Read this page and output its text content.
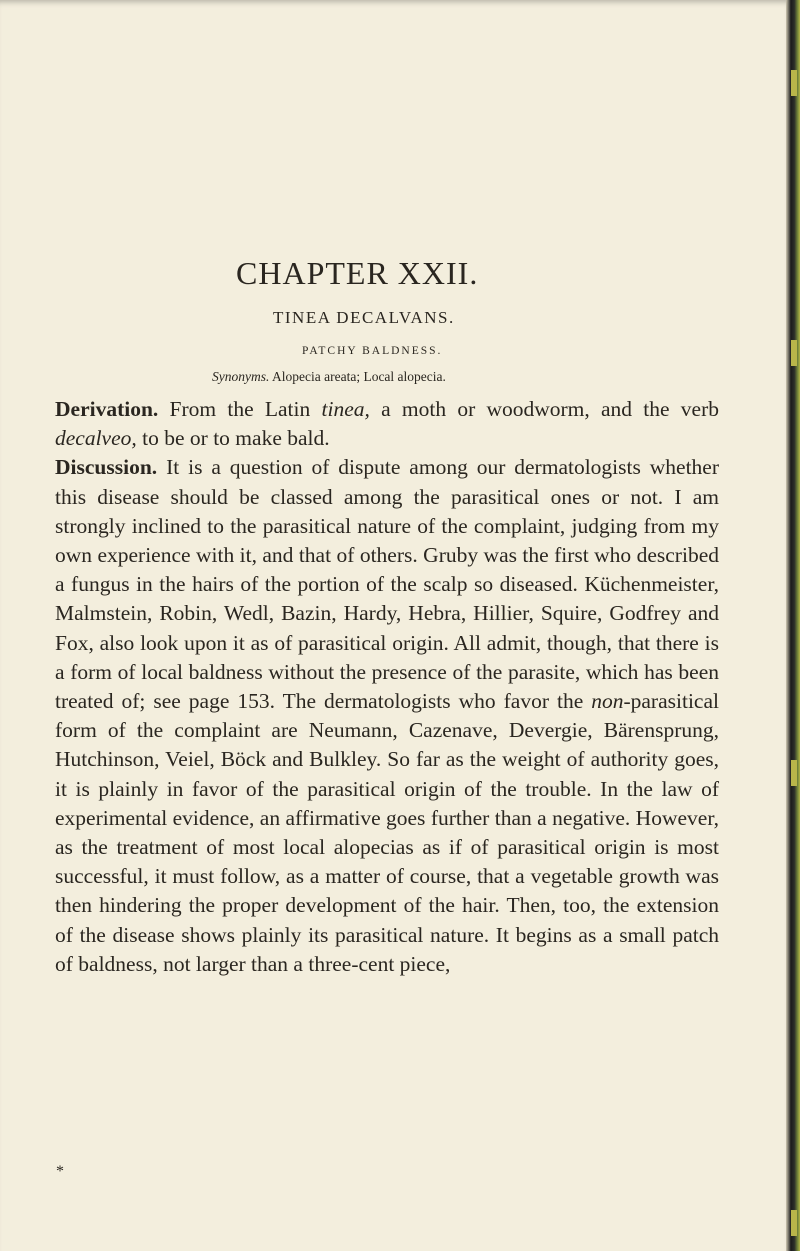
CHAPTER XXII.
TINEA DECALVANS.

PATCHY BALDNESS.

Synonyms. Alopecia areata; Local alopecia.

Derivation. From the Latin tinea, a moth or woodworm, and the verb decalveo, to be or to make bald.
Discussion. It is a question of dispute among our dermatologists whether this disease should be classed among the parasitical ones or not. I am strongly inclined to the parasitical nature of the complaint, judging from my own experience with it, and that of others. Gruby was the first who described a fungus in the hairs of the portion of the scalp so diseased. Küchenmeister, Malmstein, Robin, Wedl, Bazin, Hardy, Hebra, Hillier, Squire, Godfrey and Fox, also look upon it as of parasitical origin. All admit, though, that there is a form of local baldness without the presence of the parasite, which has been treated of; see page 153. The dermatologists who favor the non-parasitical form of the complaint are Neumann, Cazenave, Devergie, Bärensprung, Hutchinson, Veiel, Böck and Bulkley. So far as the weight of authority goes, it is plainly in favor of the parasitical origin of the trouble. In the law of experimental evidence, an affirmative goes further than a negative. However, as the treatment of most local alopecias as if of parasitical origin is most successful, it must follow, as a matter of course, that a vegetable growth was then hindering the proper development of the hair. Then, too, the extension of the disease shows plainly its parasitical nature. It begins as a small patch of baldness, not larger than a three-cent piece,

*
